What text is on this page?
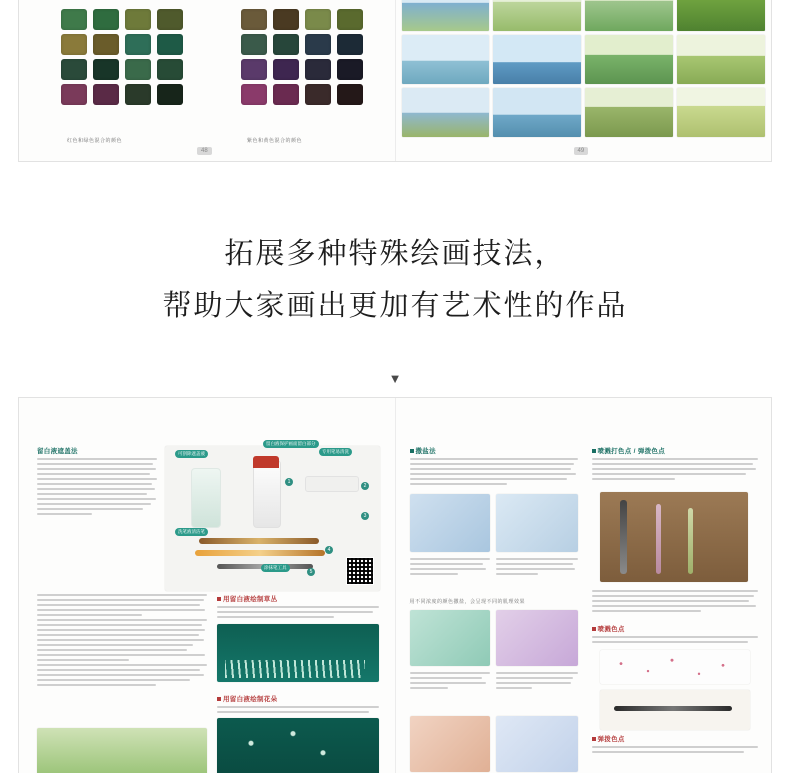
红色和绿色混合的颜色	紫色和黄色混合的颜色
48	49
拓展多种特殊绘画技法，
帮助大家画出更加有艺术性的作品
▼
留白液遮盖法
1
2
3
4
5
可刮除遮盖液	专用笔易清洗
留白液保护画面留白部分
洗笔液清洁笔
涂抹笔工具
用留白液绘制草丛
用留白液绘制花朵
撒盐法
用不同浓度的颜色撒盐，会呈现不同的肌理效果
喷溅打色点 / 弹拨色点
喷溅色点
弹拨色点
